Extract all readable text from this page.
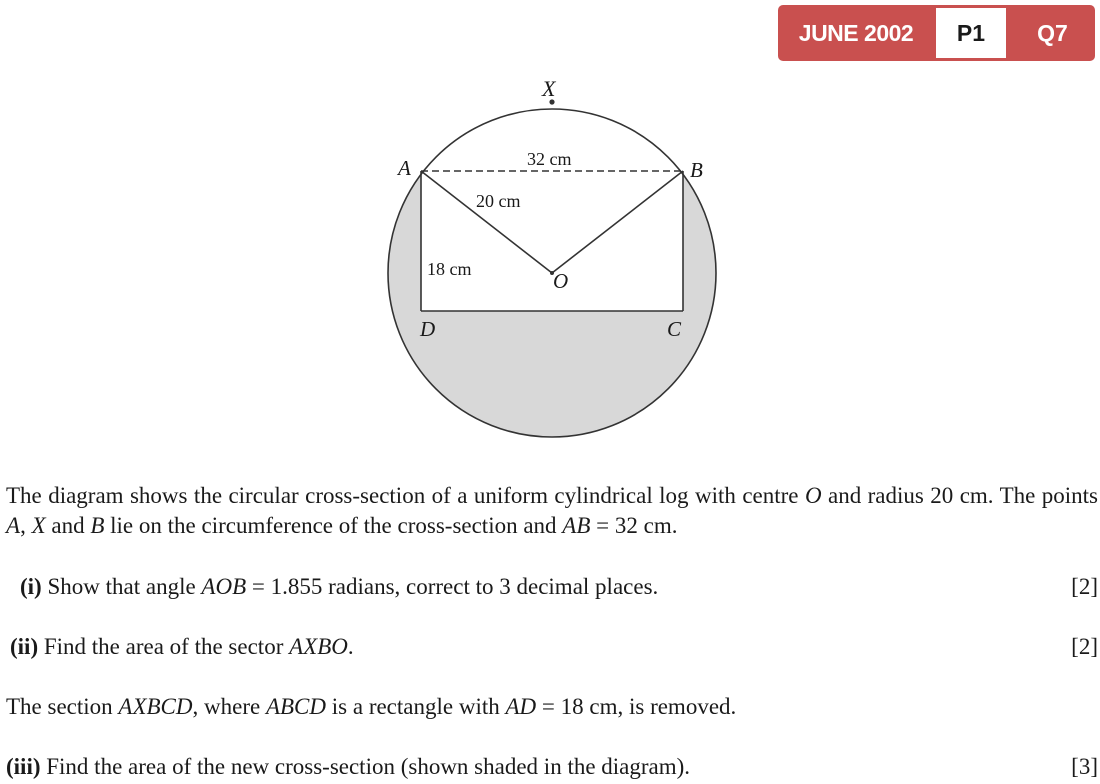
JUNE 2002	P1	Q7
X
A	B
O
D	C
32 cm
20 cm
18 cm
The diagram shows the circular cross-section of a uniform cylindrical log with centre O and radius 20 cm. The points A, X and B lie on the circumference of the cross-section and AB = 32 cm.
(i) Show that angle AOB = 1.855 radians, correct to 3 decimal places.	[2]
(ii) Find the area of the sector AXBO.	[2]
The section AXBCD, where ABCD is a rectangle with AD = 18 cm, is removed.
(iii) Find the area of the new cross-section (shown shaded in the diagram).	[3]
